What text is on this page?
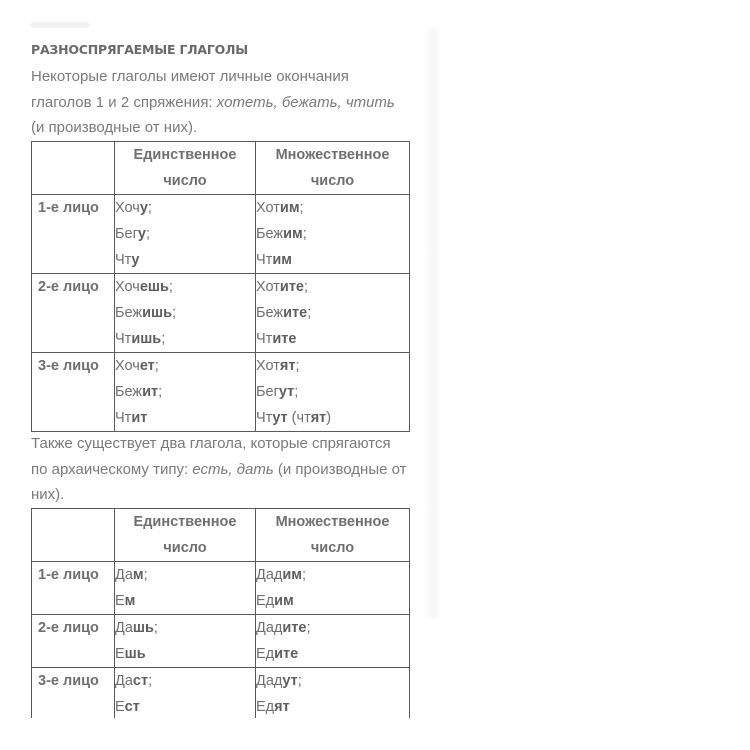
РАЗНОСПРЯГАЕМЫЕ ГЛАГОЛЫ
Некоторые глаголы имеют личные окончания глаголов 1 и 2 спряжения: хотеть, бежать, чтить (и производные от них).
	Единственное число	Множественное число

1-е лицо	Хочу;
Бегу;
Чту	Хотим;
Бежим;
Чтим

2-е лицо	Хочешь;
Бежишь;
Чтишь;	Хотите;
Бежите;
Чтите

3-е лицо	Хочет;
Бежит;
Чтит	Хотят;
Бегут;
Чтут (чтят)
Также существует два глагола, которые спрягаются по архаическому типу: есть, дать (и производные от них).
	Единственное число	Множественное число

1-е лицо	Дам;
Ем	Дадим;
Едим

2-е лицо	Дашь;
Ешь	Дадите;
Едите

3-е лицо	Даст;
Ест	Дадут;
Едят
